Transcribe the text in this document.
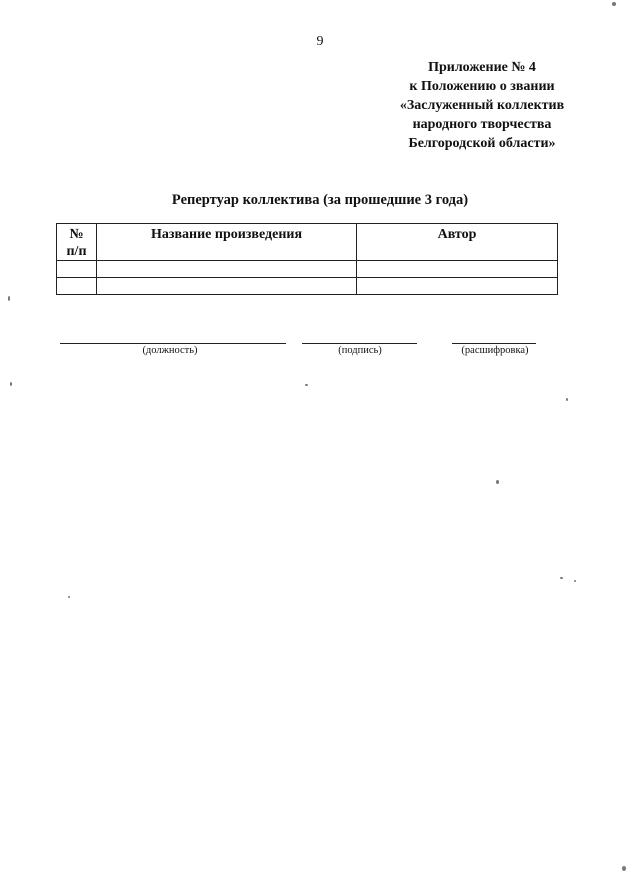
9
Приложение № 4
к Положению о звании
«Заслуженный коллектив
народного творчества
Белгородской области»
Репертуар коллектива (за прошедшие 3 года)
№
п/п	Название произведения	Автор

(должность)	(подпись)	(расшифровка)
